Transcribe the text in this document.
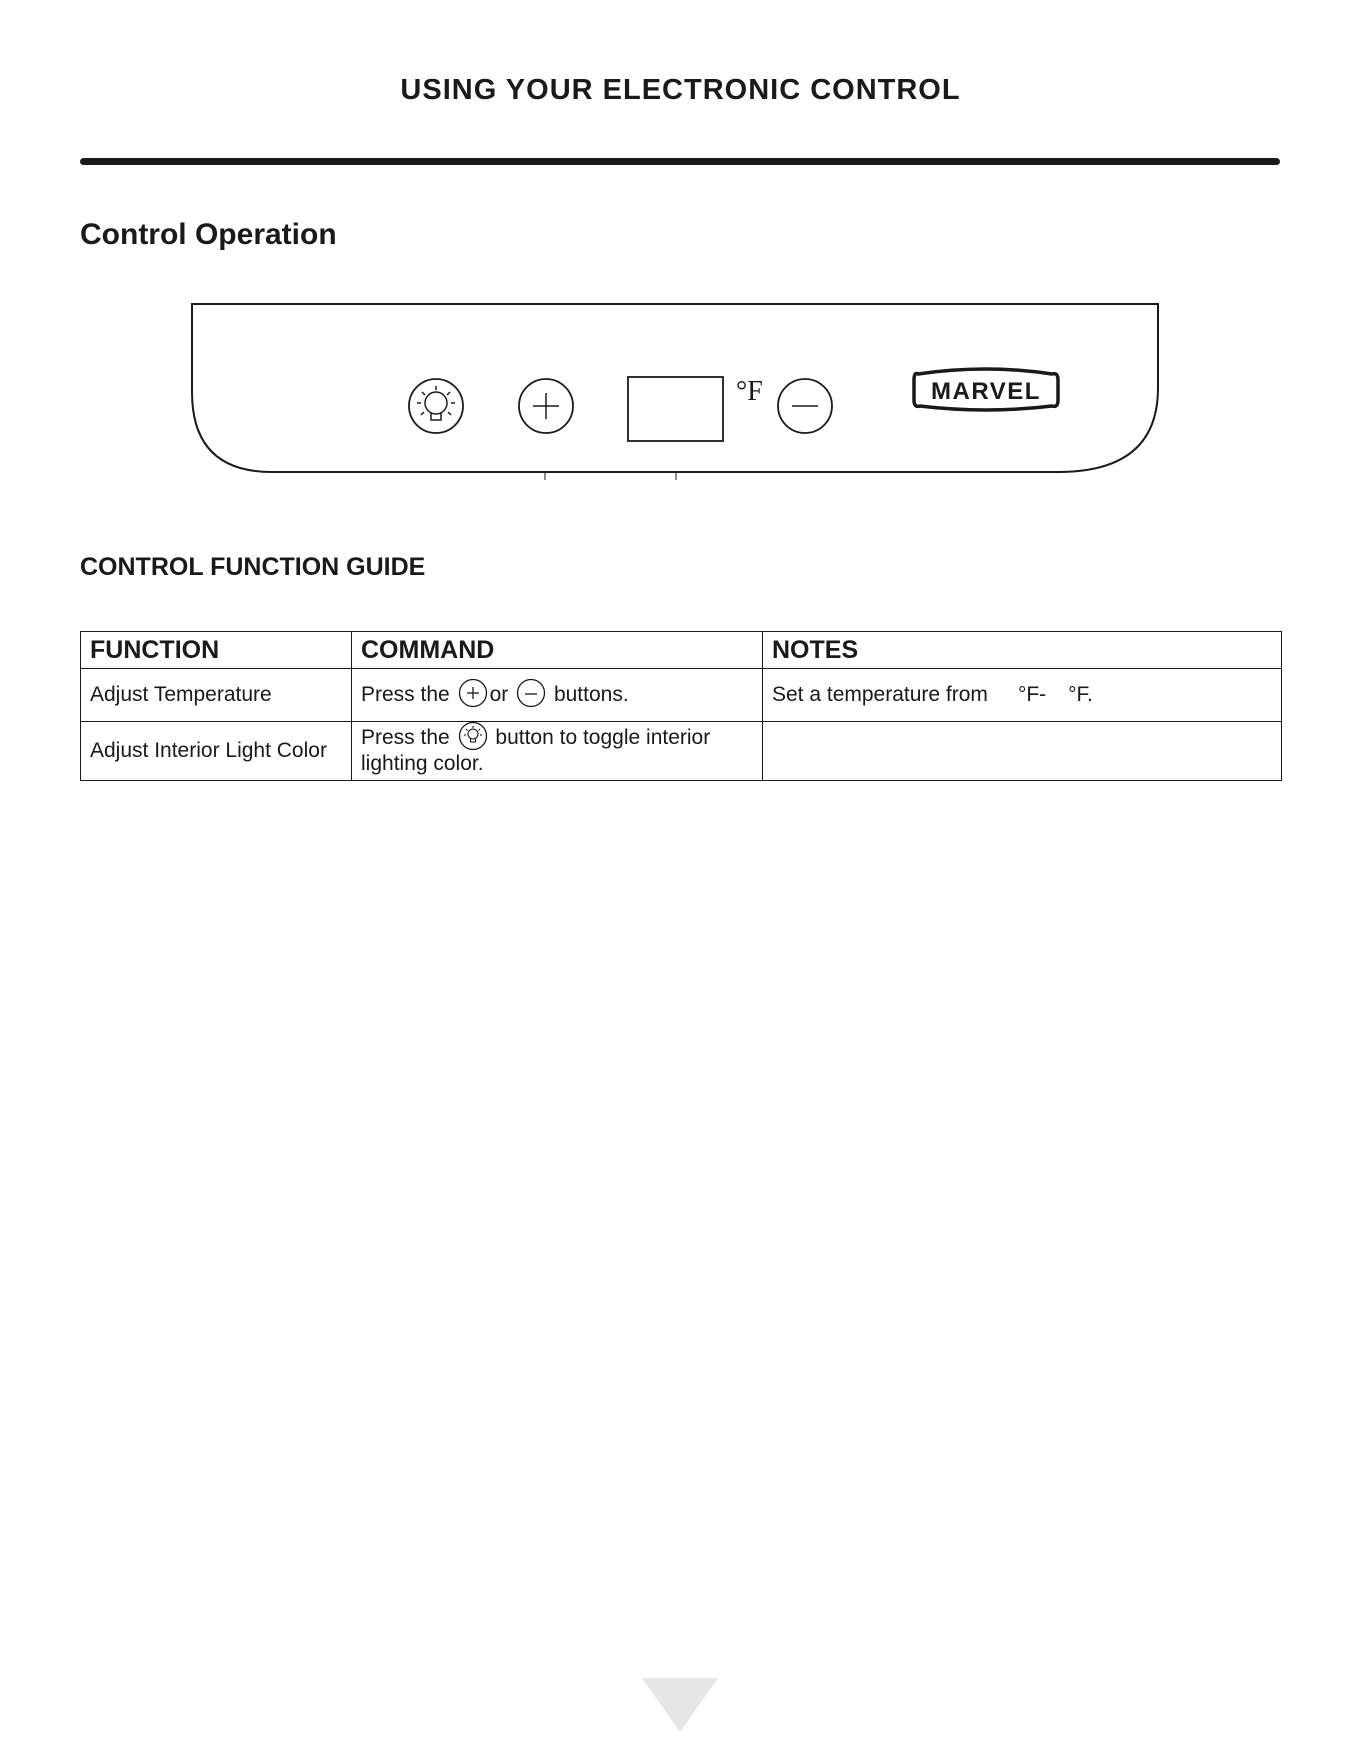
USING YOUR ELECTRONIC CONTROL
Control Operation
°F	MARVEL
CONTROL FUNCTION GUIDE
FUNCTION	COMMAND	NOTES
Adjust Temperature	Press the or buttons.	Set a temperature from °F- °F.
Adjust Interior Light Color	Press the button to toggle interior
lighting color.	
